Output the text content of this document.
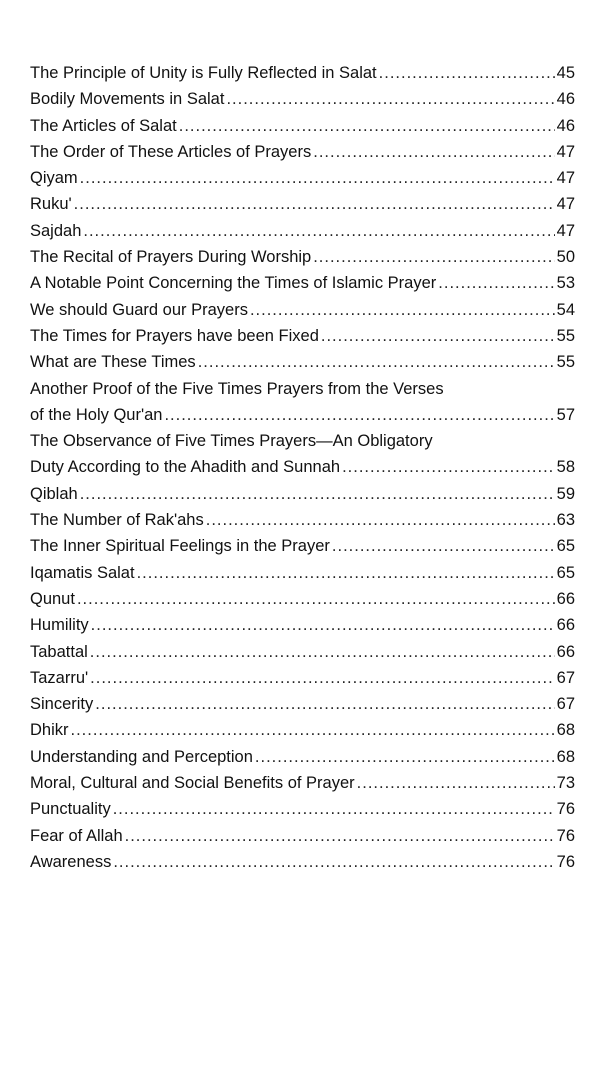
The Principle of Unity is Fully Reflected in Salat .....	45
Bodily Movements in Salat .....	46
The Articles of Salat .....	46
The Order of These Articles of Prayers .....	47
Qiyam .....	47
Ruku' .....	47
Sajdah .....	47
The Recital of Prayers During Worship .....	50
A Notable Point Concerning the Times of Islamic Prayer .....	53
We should Guard our Prayers .....	54
The Times for Prayers have been Fixed .....	55
What are These Times .....	55
Another Proof of the Five Times Prayers from the Verses
of the Holy Qur'an .....	57
The Observance of Five Times Prayers—An Obligatory
Duty According to the Ahadith and Sunnah .....	58
Qiblah .....	59
The Number of Rak'ahs .....	63
The Inner Spiritual Feelings in the Prayer .....	65
Iqamatis Salat .....	65
Qunut .....	66
Humility .....	66
Tabattal .....	66
Tazarru' .....	67
Sincerity .....	67
Dhikr .....	68
Understanding and Perception .....	68
Moral, Cultural and Social Benefits of Prayer .....	73
Punctuality .....	76
Fear of Allah .....	76
Awareness .....	76
